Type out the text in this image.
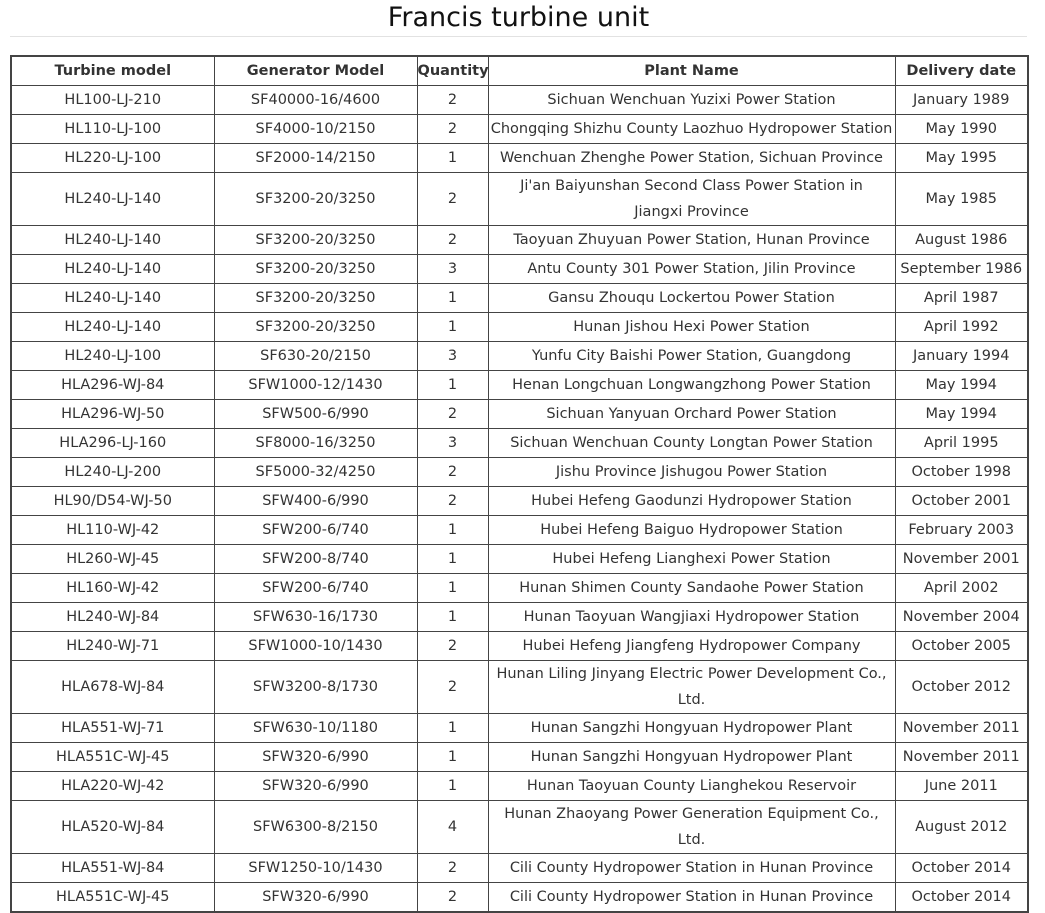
Francis turbine unit
Turbine model	Generator Model	Quantity	Plant Name	Delivery date
HL100-LJ-210	SF40000-16/4600	2	Sichuan Wenchuan Yuzixi Power Station	January 1989
HL110-LJ-100	SF4000-10/2150	2	Chongqing Shizhu County Laozhuo Hydropower Station	May 1990
HL220-LJ-100	SF2000-14/2150	1	Wenchuan Zhenghe Power Station, Sichuan Province	May 1995
HL240-LJ-140	SF3200-20/3250	2	Ji'an Baiyunshan Second Class Power Station in Jiangxi Province	May 1985
HL240-LJ-140	SF3200-20/3250	2	Taoyuan Zhuyuan Power Station, Hunan Province	August 1986
HL240-LJ-140	SF3200-20/3250	3	Antu County 301 Power Station, Jilin Province	September 1986
HL240-LJ-140	SF3200-20/3250	1	Gansu Zhouqu Lockertou Power Station	April 1987
HL240-LJ-140	SF3200-20/3250	1	Hunan Jishou Hexi Power Station	April 1992
HL240-LJ-100	SF630-20/2150	3	Yunfu City Baishi Power Station, Guangdong	January 1994
HLA296-WJ-84	SFW1000-12/1430	1	Henan Longchuan Longwangzhong Power Station	May 1994
HLA296-WJ-50	SFW500-6/990	2	Sichuan Yanyuan Orchard Power Station	May 1994
HLA296-LJ-160	SF8000-16/3250	3	Sichuan Wenchuan County Longtan Power Station	April 1995
HL240-LJ-200	SF5000-32/4250	2	Jishu Province Jishugou Power Station	October 1998
HL90/D54-WJ-50	SFW400-6/990	2	Hubei Hefeng Gaodunzi Hydropower Station	October 2001
HL110-WJ-42	SFW200-6/740	1	Hubei Hefeng Baiguo Hydropower Station	February 2003
HL260-WJ-45	SFW200-8/740	1	Hubei Hefeng Lianghexi Power Station	November 2001
HL160-WJ-42	SFW200-6/740	1	Hunan Shimen County Sandaohe Power Station	April 2002
HL240-WJ-84	SFW630-16/1730	1	Hunan Taoyuan Wangjiaxi Hydropower Station	November 2004
HL240-WJ-71	SFW1000-10/1430	2	Hubei Hefeng Jiangfeng Hydropower Company	October 2005
HLA678-WJ-84	SFW3200-8/1730	2	Hunan Liling Jinyang Electric Power Development Co., Ltd.	October 2012
HLA551-WJ-71	SFW630-10/1180	1	Hunan Sangzhi Hongyuan Hydropower Plant	November 2011
HLA551C-WJ-45	SFW320-6/990	1	Hunan Sangzhi Hongyuan Hydropower Plant	November 2011
HLA220-WJ-42	SFW320-6/990	1	Hunan Taoyuan County Lianghekou Reservoir	June 2011
HLA520-WJ-84	SFW6300-8/2150	4	Hunan Zhaoyang Power Generation Equipment Co., Ltd.	August 2012
HLA551-WJ-84	SFW1250-10/1430	2	Cili County Hydropower Station in Hunan Province	October 2014
HLA551C-WJ-45	SFW320-6/990	2	Cili County Hydropower Station in Hunan Province	October 2014
